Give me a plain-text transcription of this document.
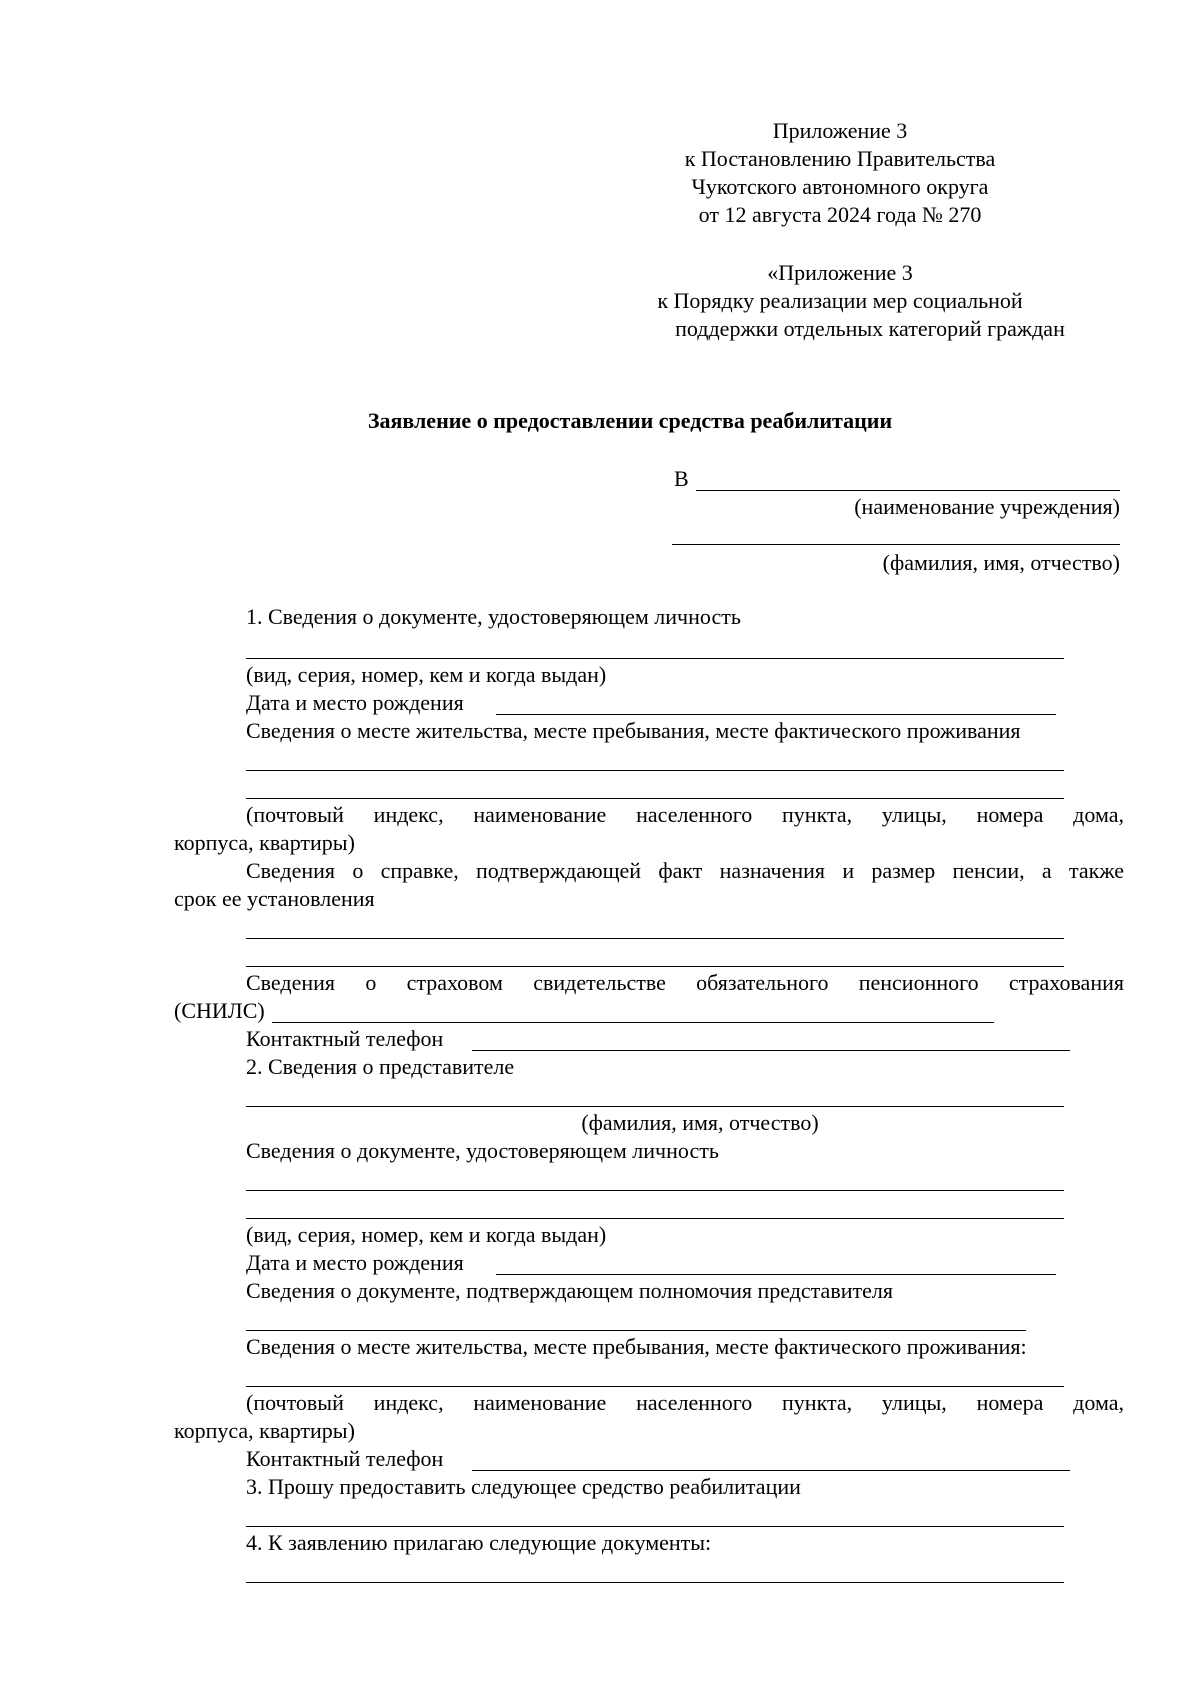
Приложение 3
к Постановлению Правительства
Чукотского автономного округа
от 12 августа 2024 года № 270
«Приложение 3
к Порядку реализации мер социальной
поддержки отдельных категорий граждан
Заявление о предоставлении средства реабилитации
В
(наименование учреждения)
(фамилия, имя, отчество)
1. Сведения о документе, удостоверяющем личность
(вид, серия, номер, кем и когда выдан)
Дата и место рождения
Сведения о месте жительства, месте пребывания, месте фактического проживания
(почтовый индекс, наименование населенного пункта, улицы, номера дома,
корпуса, квартиры)
Сведения о справке, подтверждающей факт назначения и размер пенсии, а также
срок ее установления
Сведения о страховом свидетельстве обязательного пенсионного страхования
(СНИЛС)
Контактный телефон
2. Сведения о представителе
(фамилия, имя, отчество)
Сведения о документе, удостоверяющем личность
(вид, серия, номер, кем и когда выдан)
Дата и место рождения
Сведения о документе, подтверждающем полномочия представителя
Сведения о месте жительства, месте пребывания, месте фактического проживания:
(почтовый индекс, наименование населенного пункта, улицы, номера дома,
корпуса, квартиры)
Контактный телефон
3. Прошу предоставить следующее средство реабилитации
4. К заявлению прилагаю следующие документы:
